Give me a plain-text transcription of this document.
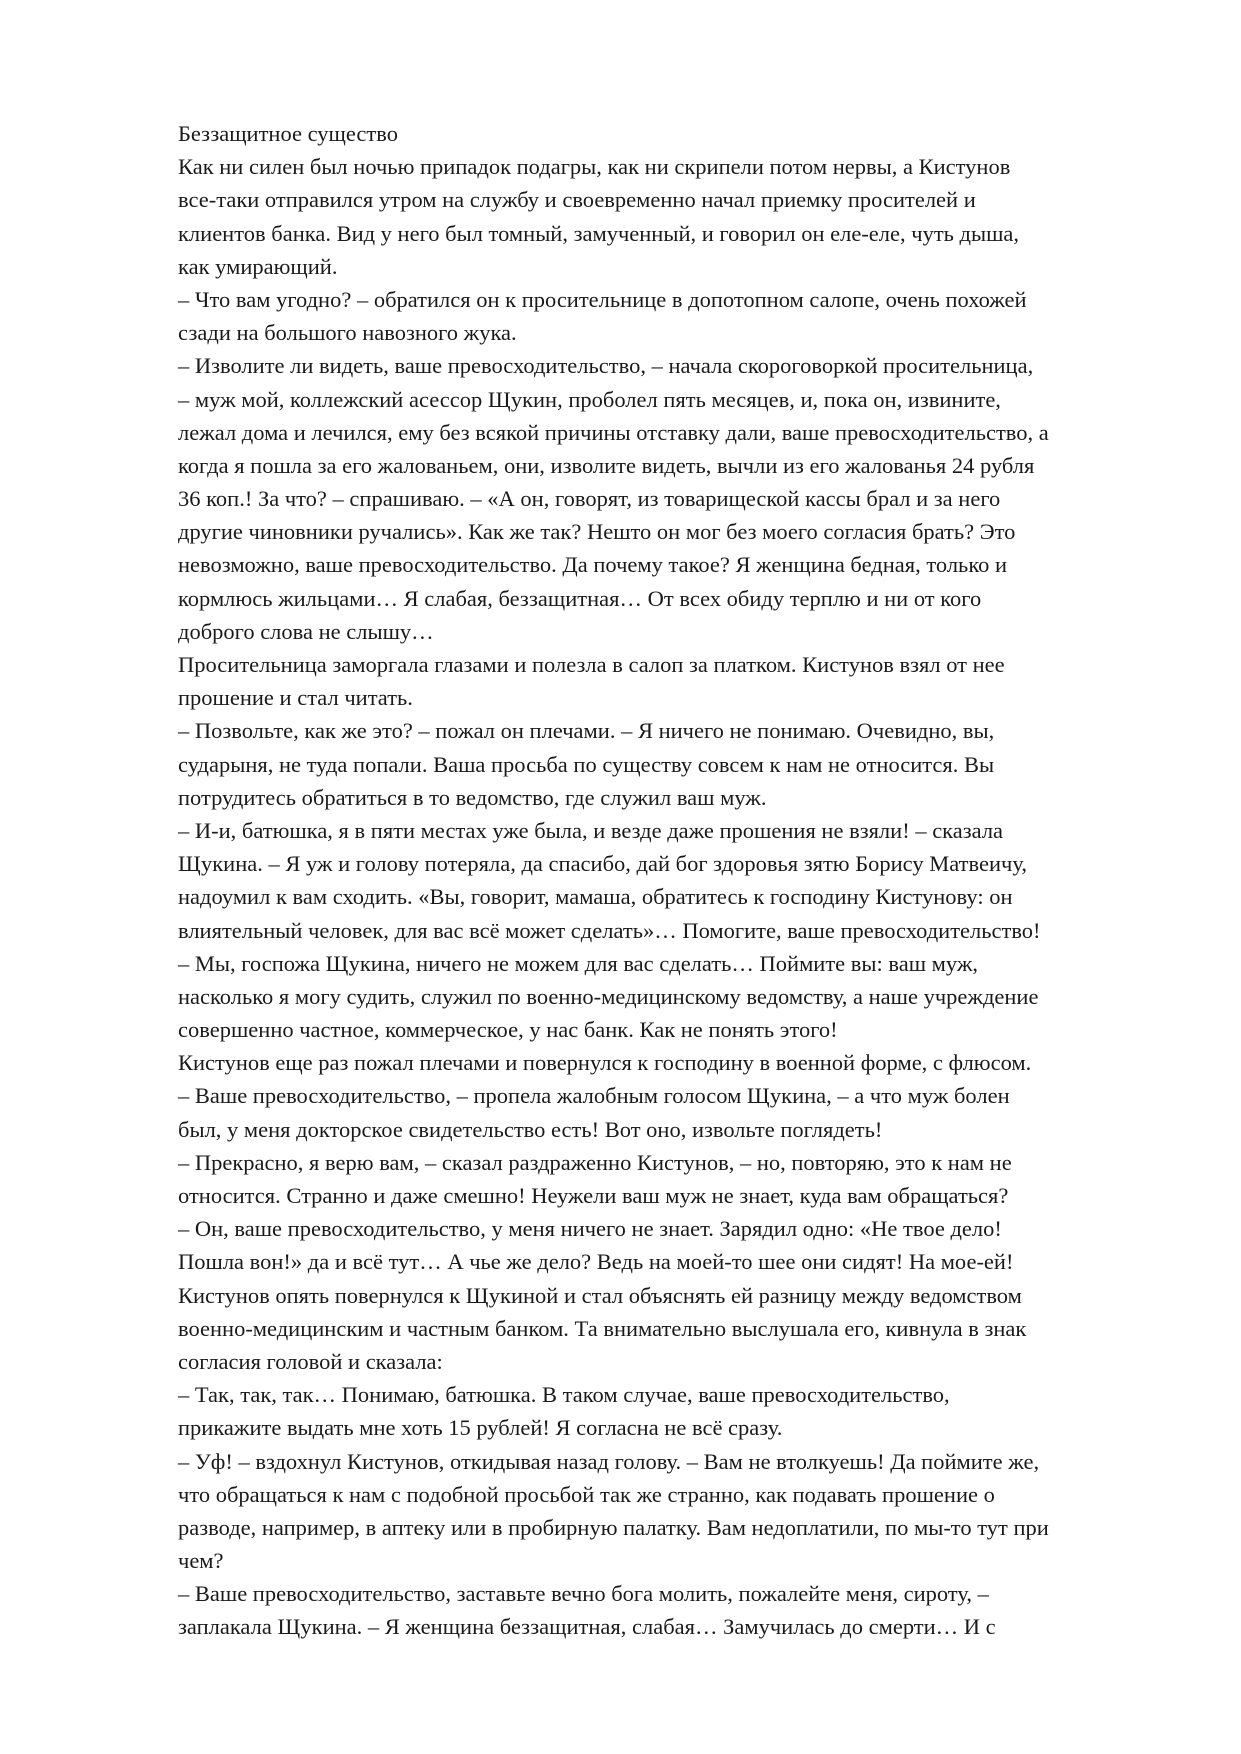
Беззащитное существо
Как ни силен был ночью припадок подагры, как ни скрипели потом нервы, а Кистунов
все-таки отправился утром на службу и своевременно начал приемку просителей и
клиентов банка. Вид у него был томный, замученный, и говорил он еле-еле, чуть дыша,
как умирающий.
– Что вам угодно? – обратился он к просительнице в допотопном салопе, очень похожей
сзади на большого навозного жука.
– Изволите ли видеть, ваше превосходительство, – начала скороговоркой просительница,
– муж мой, коллежский асессор Щукин, проболел пять месяцев, и, пока он, извините,
лежал дома и лечился, ему без всякой причины отставку дали, ваше превосходительство, а
когда я пошла за его жалованьем, они, изволите видеть, вычли из его жалованья 24 рубля
36 коп.! За что? – спрашиваю. – «А он, говорят, из товарищеской кассы брал и за него
другие чиновники ручались». Как же так? Нешто он мог без моего согласия брать? Это
невозможно, ваше превосходительство. Да почему такое? Я женщина бедная, только и
кормлюсь жильцами… Я слабая, беззащитная… От всех обиду терплю и ни от кого
доброго слова не слышу…
Просительница заморгала глазами и полезла в салоп за платком. Кистунов взял от нее
прошение и стал читать.
– Позвольте, как же это? – пожал он плечами. – Я ничего не понимаю. Очевидно, вы,
сударыня, не туда попали. Ваша просьба по существу совсем к нам не относится. Вы
потрудитесь обратиться в то ведомство, где служил ваш муж.
– И-и, батюшка, я в пяти местах уже была, и везде даже прошения не взяли! – сказала
Щукина. – Я уж и голову потеряла, да спасибо, дай бог здоровья зятю Борису Матвеичу,
надоумил к вам сходить. «Вы, говорит, мамаша, обратитесь к господину Кистунову: он
влиятельный человек, для вас всё может сделать»… Помогите, ваше превосходительство!
– Мы, госпожа Щукина, ничего не можем для вас сделать… Поймите вы: ваш муж,
насколько я могу судить, служил по военно-медицинскому ведомству, а наше учреждение
совершенно частное, коммерческое, у нас банк. Как не понять этого!
Кистунов еще раз пожал плечами и повернулся к господину в военной форме, с флюсом.
– Ваше превосходительство, – пропела жалобным голосом Щукина, – а что муж болен
был, у меня докторское свидетельство есть! Вот оно, извольте поглядеть!
– Прекрасно, я верю вам, – сказал раздраженно Кистунов, – но, повторяю, это к нам не
относится. Странно и даже смешно! Неужели ваш муж не знает, куда вам обращаться?
– Он, ваше превосходительство, у меня ничего не знает. Зарядил одно: «Не твое дело!
Пошла вон!» да и всё тут… А чье же дело? Ведь на моей-то шее они сидят! На мое-ей!
Кистунов опять повернулся к Щукиной и стал объяснять ей разницу между ведомством
военно-медицинским и частным банком. Та внимательно выслушала его, кивнула в знак
согласия головой и сказала:
– Так, так, так… Понимаю, батюшка. В таком случае, ваше превосходительство,
прикажите выдать мне хоть 15 рублей! Я согласна не всё сразу.
– Уф! – вздохнул Кистунов, откидывая назад голову. – Вам не втолкуешь! Да поймите же,
что обращаться к нам с подобной просьбой так же странно, как подавать прошение о
разводе, например, в аптеку или в пробирную палатку. Вам недоплатили, по мы-то тут при
чем?
– Ваше превосходительство, заставьте вечно бога молить, пожалейте меня, сироту, –
заплакала Щукина. – Я женщина беззащитная, слабая… Замучилась до смерти… И с
